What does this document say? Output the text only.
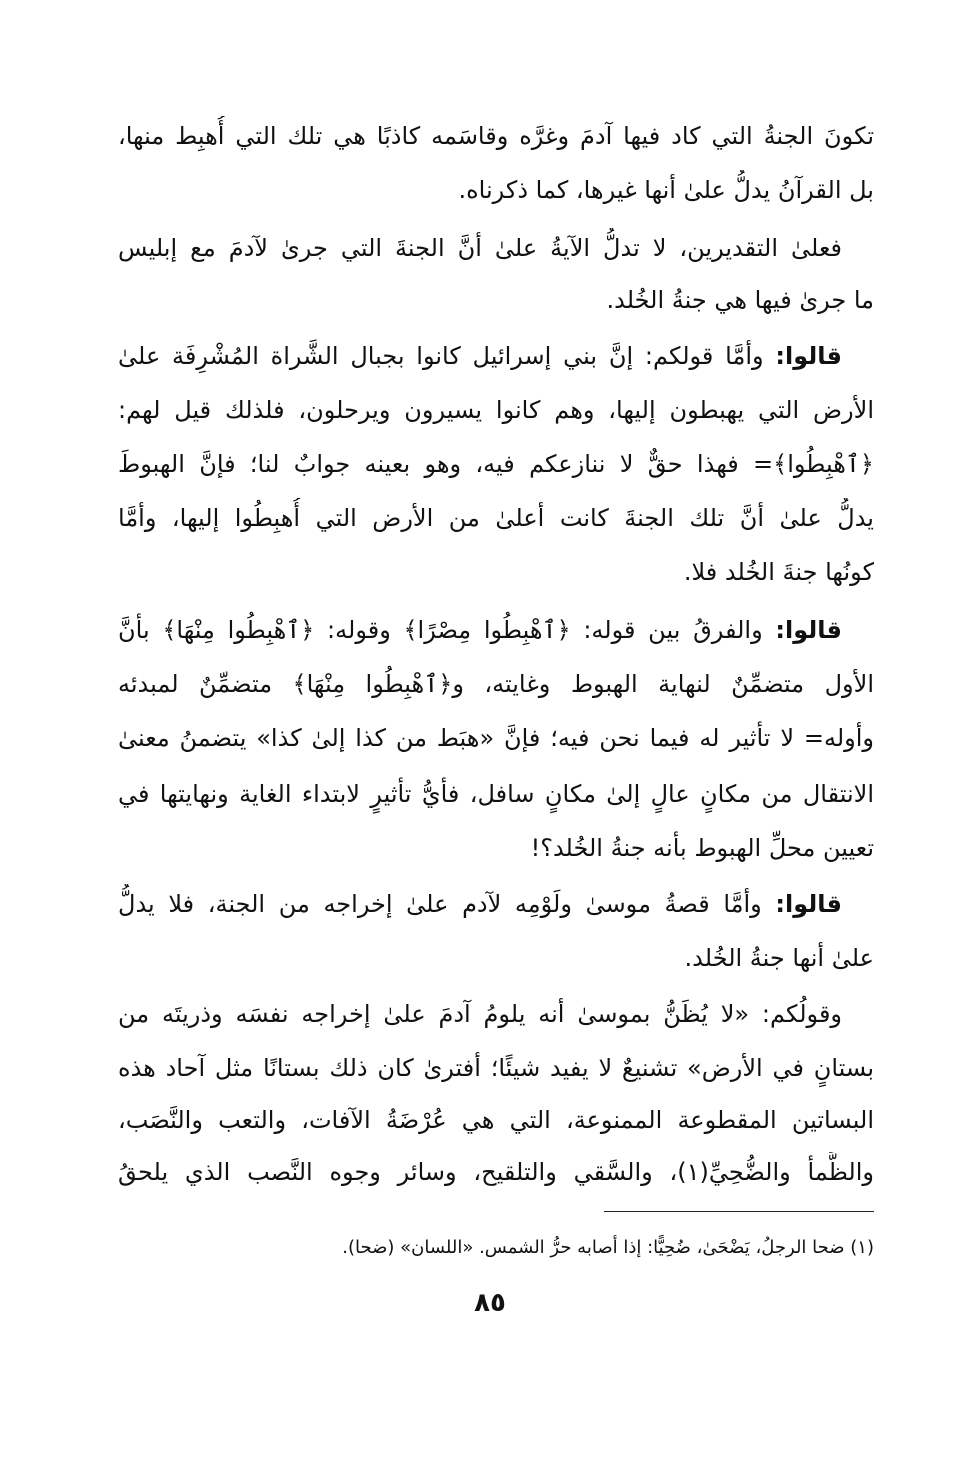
تكونَ الجنةُ التي كاد فيها آدمَ وغرَّه وقاسَمه كاذبًا هي تلك التي أُهبِط منها،
بل القرآنُ يدلُّ علىٰ أنها غيرها، كما ذكرناه.
فعلىٰ التقديرين، لا تدلُّ الآيةُ علىٰ أنَّ الجنةَ التي جرىٰ لآدمَ مع إبليس
ما جرىٰ فيها هي جنةُ الخُلد.
قالوا: وأمَّا قولكم: إنَّ بني إسرائيل كانوا بجبال الشَّراة المُشْرِفَة علىٰ
الأرض التي يهبطون إليها، وهم كانوا يسيرون ويرحلون، فلذلك قيل لهم:
﴿ٱهْبِطُوا﴾= فهذا حقٌّ لا ننازعكم فيه، وهو بعينه جوابٌ لنا؛ فإنَّ الهبوطَ
يدلُّ علىٰ أنَّ تلك الجنةَ كانت أعلىٰ من الأرض التي أُهبِطُوا إليها، وأمَّا
كونُها جنةَ الخُلد فلا.
قالوا: والفرقُ بين قوله: ﴿ٱهْبِطُوا مِصْرًا﴾ وقوله: ﴿ٱهْبِطُوا مِنْهَا﴾ بأنَّ
الأول متضمِّنٌ لنهاية الهبوط وغايته، و﴿ٱهْبِطُوا مِنْهَا﴾ متضمِّنٌ لمبدئه
وأوله= لا تأثير له فيما نحن فيه؛ فإنَّ «هبَط من كذا إلىٰ كذا» يتضمنُ معنىٰ
الانتقال من مكانٍ عالٍ إلىٰ مكانٍ سافل، فأيُّ تأثيرٍ لابتداء الغاية ونهايتها في
تعيين محلِّ الهبوط بأنه جنةُ الخُلد؟!
قالوا: وأمَّا قصةُ موسىٰ ولَوْمِه لآدم علىٰ إخراجه من الجنة، فلا يدلُّ
علىٰ أنها جنةُ الخُلد.
وقولُكم: «لا يُظَنُّ بموسىٰ أنه يلومُ آدمَ علىٰ إخراجه نفسَه وذريتَه من
بستانٍ في الأرض» تشنيعٌ لا يفيد شيئًا؛ أفترىٰ كان ذلك بستانًا مثل آحاد هذه
البساتين المقطوعة الممنوعة، التي هي عُرْضَةُ الآفات، والتعب والنَّصَب،
والظَّمأ والضُّحِيِّ(١)، والسَّقي والتلقيح، وسائر وجوه النَّصب الذي يلحقُ
(١) ضحا الرجلُ، يَضْحَىٰ، ضُحِيًّا: إذا أصابه حرُّ الشمس. «اللسان» (ضحا).
٨٥
